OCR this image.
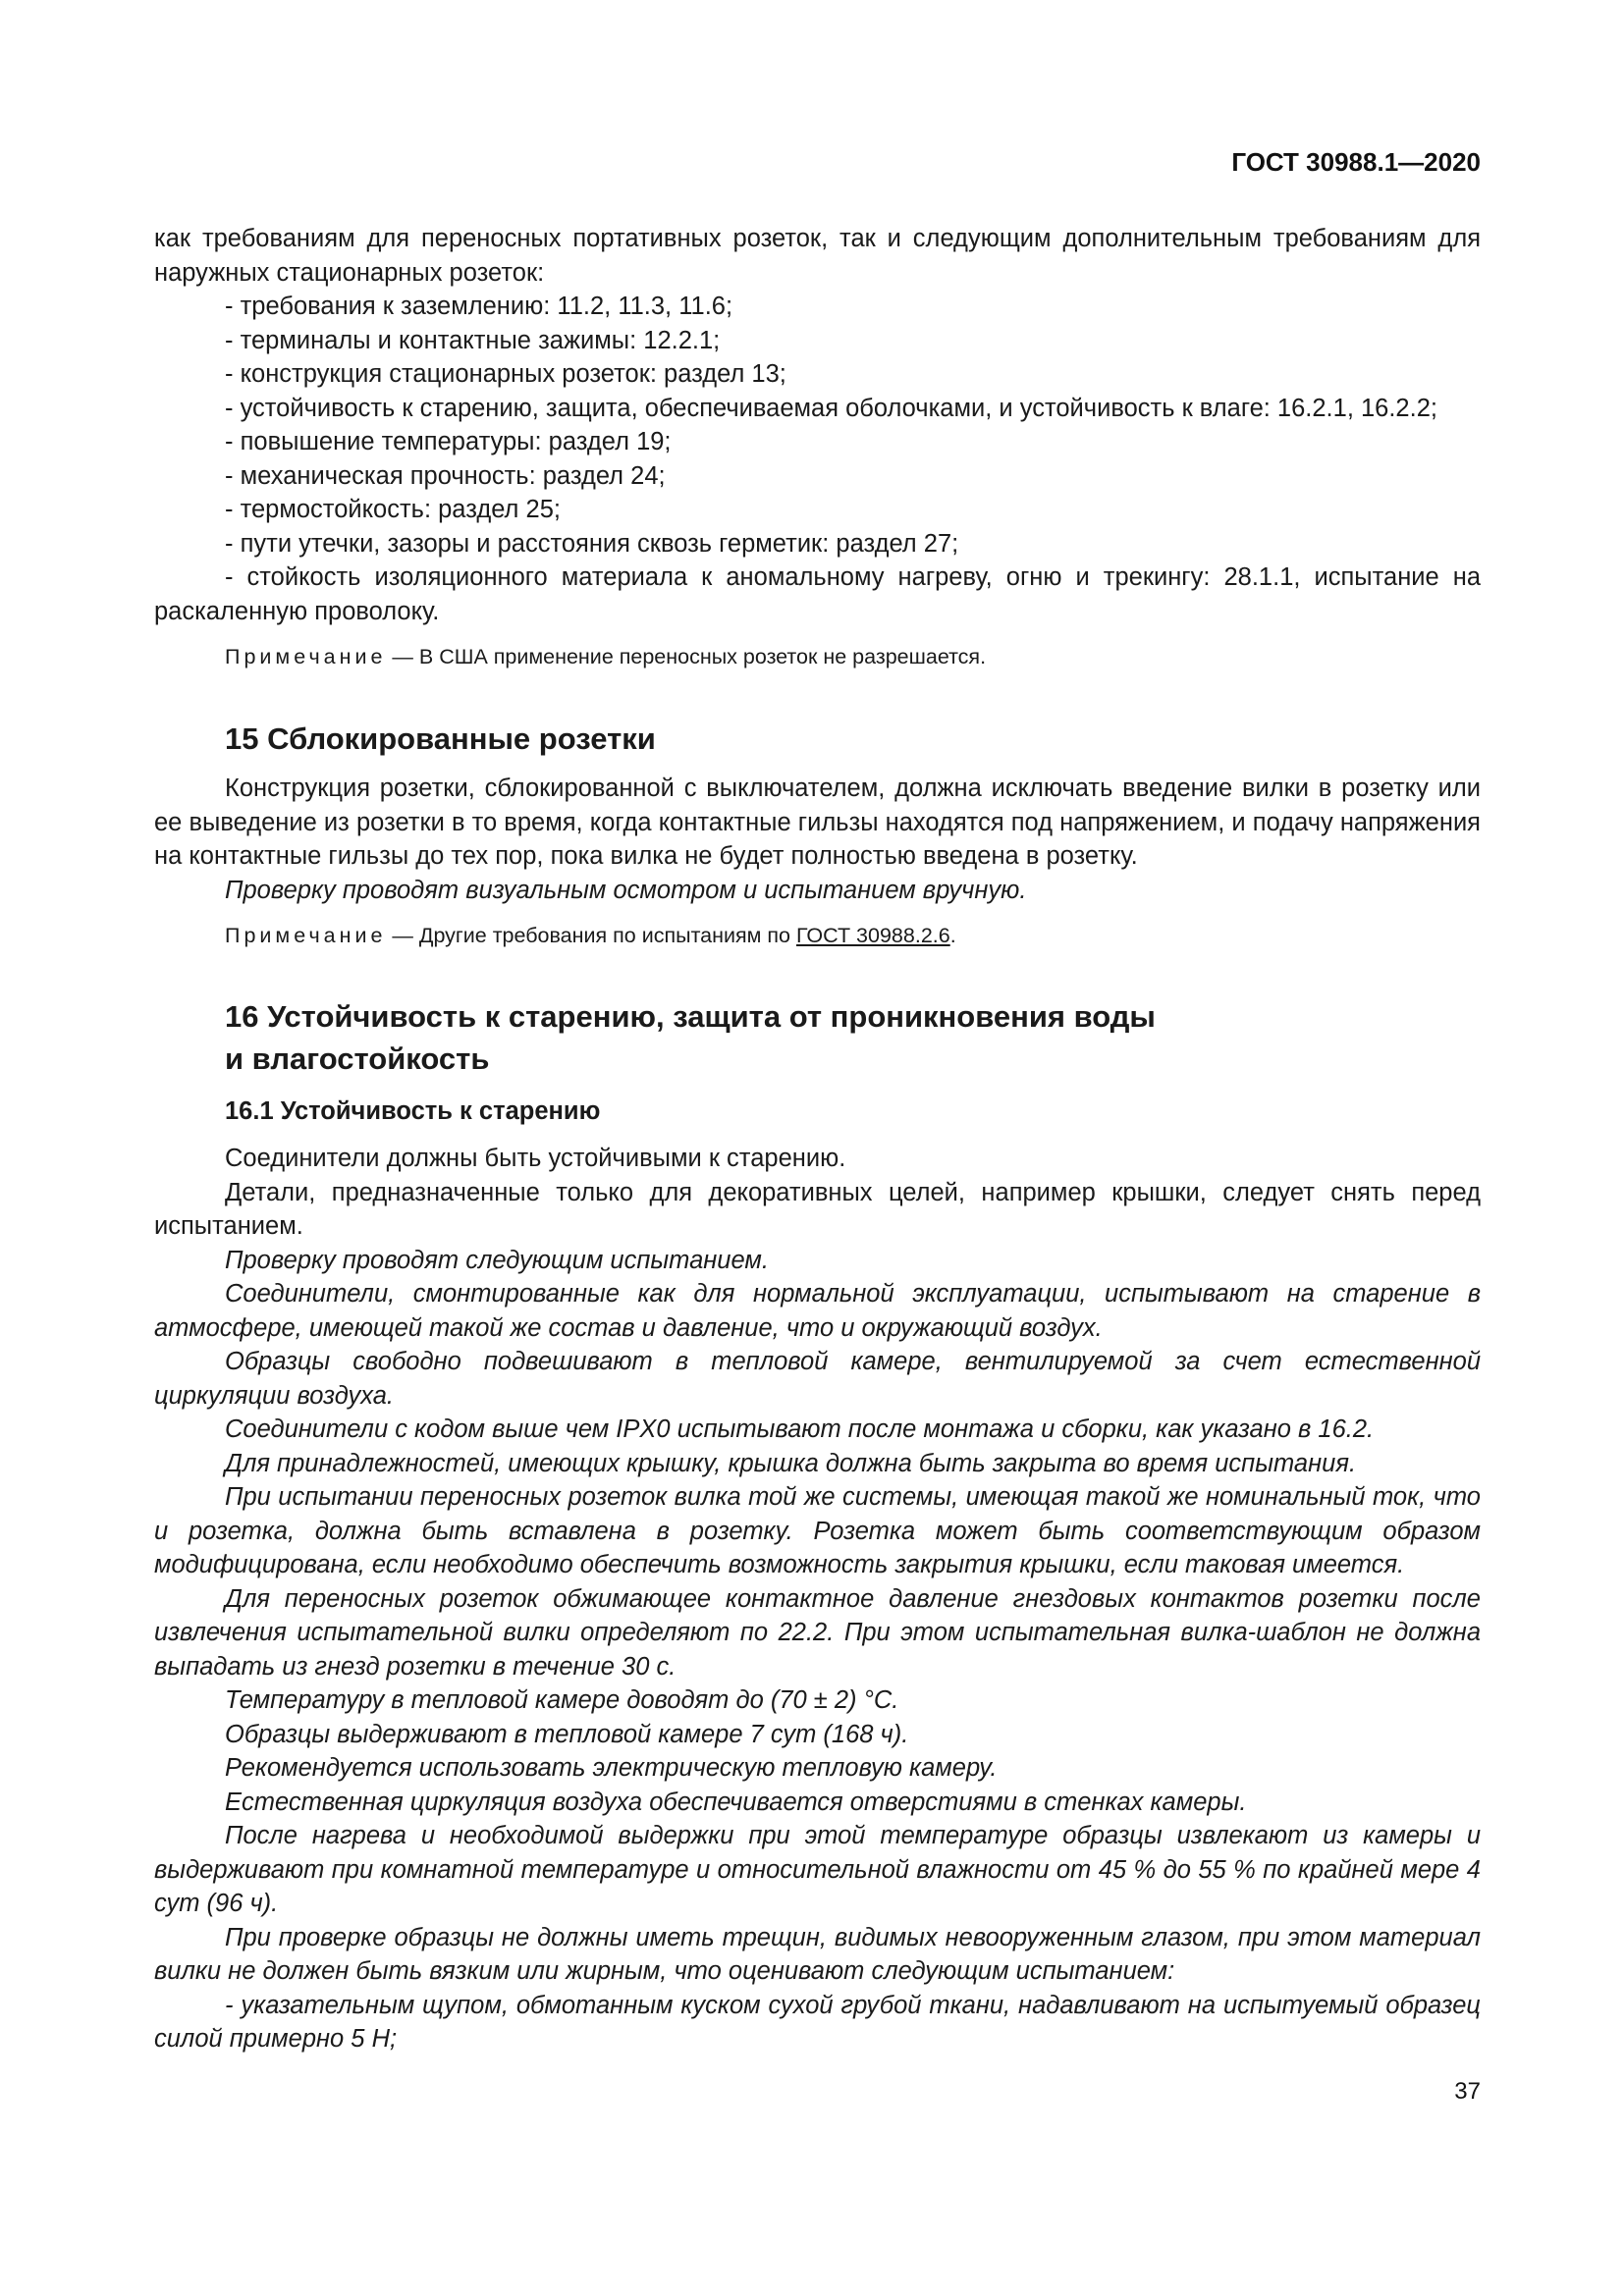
ГОСТ 30988.1—2020

как требованиям для переносных портативных розеток, так и следующим дополнительным требованиям для наружных стационарных розеток:

- требования к заземлению: 11.2, 11.3, 11.6;

- терминалы и контактные зажимы: 12.2.1;

- конструкция стационарных розеток: раздел 13;

- устойчивость к старению, защита, обеспечиваемая оболочками, и устойчивость к влаге: 16.2.1, 16.2.2;

- повышение температуры: раздел 19;

- механическая прочность: раздел 24;

- термостойкость: раздел 25;

- пути утечки, зазоры и расстояния сквозь герметик: раздел 27;

- стойкость изоляционного материала к аномальному нагреву, огню и трекингу: 28.1.1, испытание на раскаленную проволоку.

Примечание — В США применение переносных розеток не разрешается.

15 Сблокированные розетки

Конструкция розетки, сблокированной с выключателем, должна исключать введение вилки в розетку или ее выведение из розетки в то время, когда контактные гильзы находятся под напряжением, и подачу напряжения на контактные гильзы до тех пор, пока вилка не будет полностью введена в розетку.

Проверку проводят визуальным осмотром и испытанием вручную.

Примечание — Другие требования по испытаниям по ГОСТ 30988.2.6.

16 Устойчивость к старению, защита от проникновения воды
и влагостойкость
16.1 Устойчивость к старению

Соединители должны быть устойчивыми к старению.

Детали, предназначенные только для декоративных целей, например крышки, следует снять перед испытанием.

Проверку проводят следующим испытанием.

Соединители, смонтированные как для нормальной эксплуатации, испытывают на старение в атмосфере, имеющей такой же состав и давление, что и окружающий воздух.

Образцы свободно подвешивают в тепловой камере, вентилируемой за счет естественной циркуляции воздуха.

Соединители с кодом выше чем IPX0 испытывают после монтажа и сборки, как указано в 16.2.

Для принадлежностей, имеющих крышку, крышка должна быть закрыта во время испытания.

При испытании переносных розеток вилка той же системы, имеющая такой же номинальный ток, что и розетка, должна быть вставлена в розетку. Розетка может быть соответствующим образом модифицирована, если необходимо обеспечить возможность закрытия крышки, если таковая имеется.

Для переносных розеток обжимающее контактное давление гнездовых контактов розетки после извлечения испытательной вилки определяют по 22.2. При этом испытательная вилка-шаблон не должна выпадать из гнезд розетки в течение 30 с.

Температуру в тепловой камере доводят до (70 ± 2) °С.

Образцы выдерживают в тепловой камере 7 сут (168 ч).

Рекомендуется использовать электрическую тепловую камеру.

Естественная циркуляция воздуха обеспечивается отверстиями в стенках камеры.

После нагрева и необходимой выдержки при этой температуре образцы извлекают из камеры и выдерживают при комнатной температуре и относительной влажности от 45 % до 55 % по крайней мере 4 сут (96 ч).

При проверке образцы не должны иметь трещин, видимых невооруженным глазом, при этом материал вилки не должен быть вязким или жирным, что оценивают следующим испытанием:

- указательным щупом, обмотанным куском сухой грубой ткани, надавливают на испытуемый образец силой примерно 5 Н;

37
